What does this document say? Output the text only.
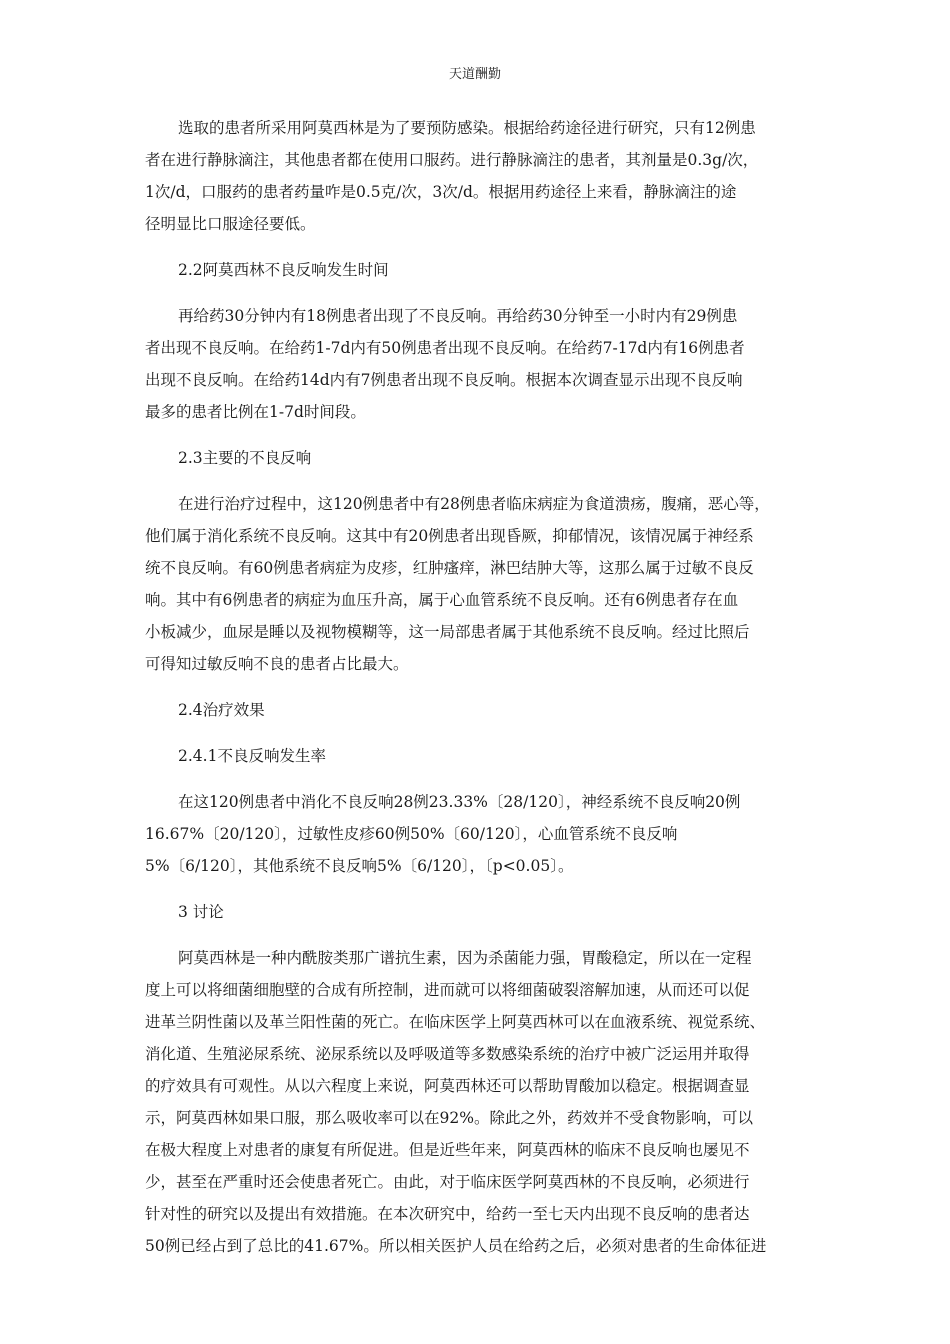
天道酬勤
选取的患者所采用阿莫西林是为了要预防感染。根据给药途径进行研究，只有12例患
者在进行静脉滴注，其他患者都在使用口服药。进行静脉滴注的患者，其剂量是0.3g/次，
1次/d，口服药的患者药量咋是0.5克/次，3次/d。根据用药途径上来看，静脉滴注的途
径明显比口服途径要低。
2.2阿莫西林不良反响发生时间
再给药30分钟内有18例患者出现了不良反响。再给药30分钟至一小时内有29例患
者出现不良反响。在给药1-7d内有50例患者出现不良反响。在给药7-17d内有16例患者
出现不良反响。在给药14d内有7例患者出现不良反响。根据本次调查显示出现不良反响
最多的患者比例在1-7d时间段。
2.3主要的不良反响
在进行治疗过程中，这120例患者中有28例患者临床病症为食道溃疡，腹痛，恶心等，
他们属于消化系统不良反响。这其中有20例患者出现昏厥，抑郁情况，该情况属于神经系
统不良反响。有60例患者病症为皮疹，红肿瘙痒，淋巴结肿大等，这那么属于过敏不良反
响。其中有6例患者的病症为血压升高，属于心血管系统不良反响。还有6例患者存在血
小板减少，血尿是睡以及视物模糊等，这一局部患者属于其他系统不良反响。经过比照后
可得知过敏反响不良的患者占比最大。
2.4治疗效果
2.4.1不良反响发生率
在这120例患者中消化不良反响28例23.33%〔28/120〕，神经系统不良反响20例
16.67%〔20/120〕，过敏性皮疹60例50%〔60/120〕，心血管系统不良反响
5%〔6/120〕，其他系统不良反响5%〔6/120〕，〔p<0.05〕。
3 讨论
阿莫西林是一种内酰胺类那广谱抗生素，因为杀菌能力强，胃酸稳定，所以在一定程
度上可以将细菌细胞壁的合成有所控制，进而就可以将细菌破裂溶解加速，从而还可以促
进革兰阴性菌以及革兰阳性菌的死亡。在临床医学上阿莫西林可以在血液系统、视觉系统、
消化道、生殖泌尿系统、泌尿系统以及呼吸道等多数感染系统的治疗中被广泛运用并取得
的疗效具有可观性。从以六程度上来说，阿莫西林还可以帮助胃酸加以稳定。根据调查显
示，阿莫西林如果口服，那么吸收率可以在92%。除此之外，药效并不受食物影响，可以
在极大程度上对患者的康复有所促进。但是近些年来，阿莫西林的临床不良反响也屡见不
少，甚至在严重时还会使患者死亡。由此，对于临床医学阿莫西林的不良反响，必须进行
针对性的研究以及提出有效措施。在本次研究中，给药一至七天内出现不良反响的患者达
50例已经占到了总比的41.67%。所以相关医护人员在给药之后，必须对患者的生命体征进
